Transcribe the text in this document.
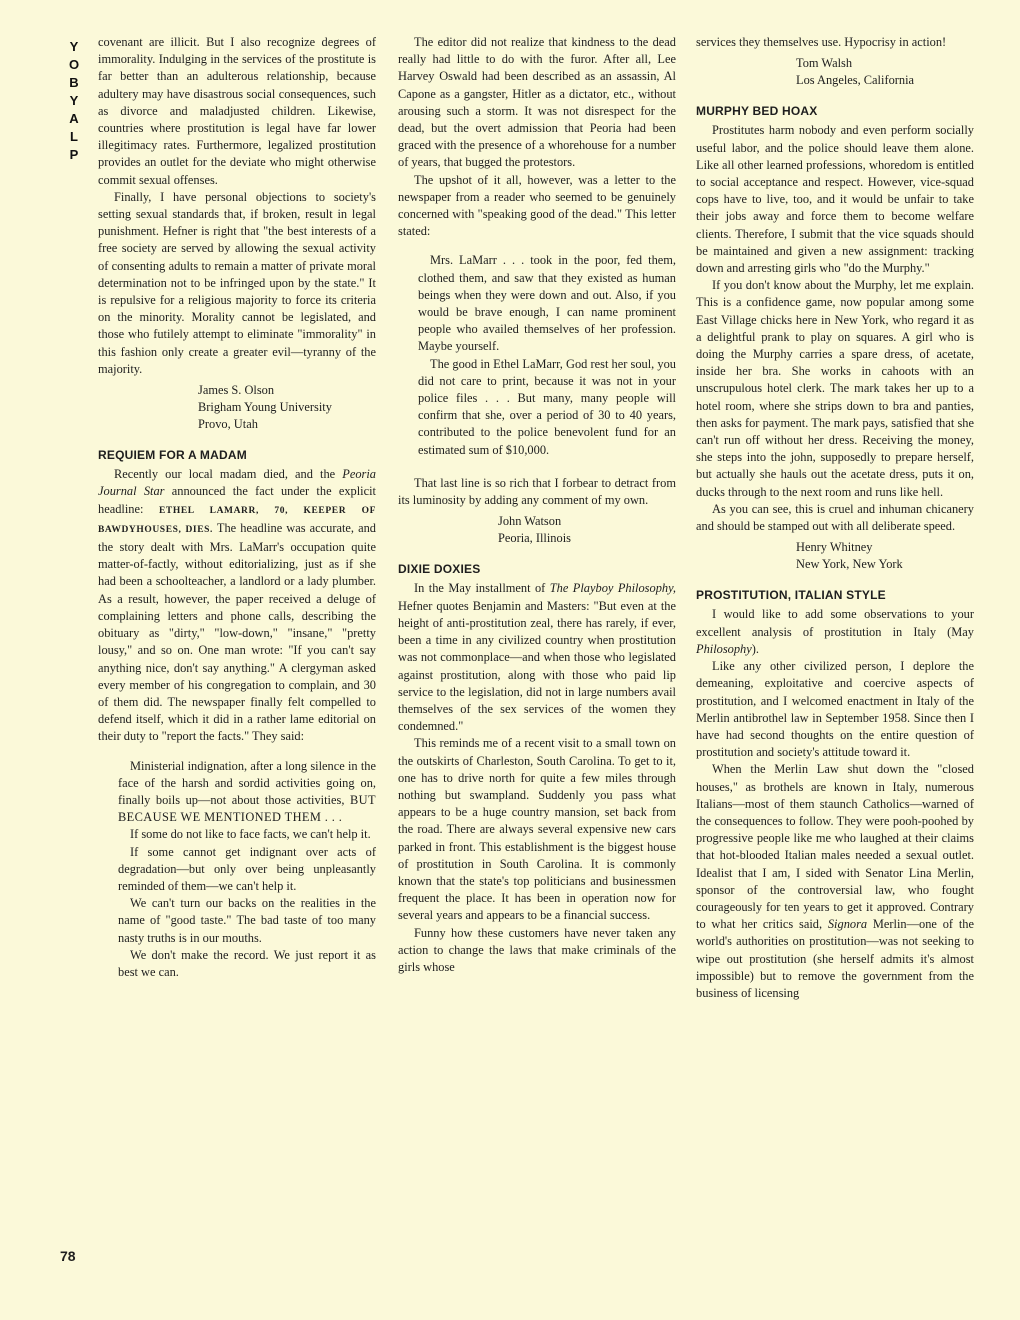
Y
O
B
Y
A
L
P
78

covenant are illicit. But I also recognize degrees of immorality. Indulging in the services of the prostitute is far better than an adulterous relationship, because adultery may have disastrous social consequences, such as divorce and maladjusted children. Likewise, countries where prostitution is legal have far lower illegitimacy rates. Furthermore, legalized prostitution provides an outlet for the deviate who might otherwise commit sexual offenses.

Finally, I have personal objections to society's setting sexual standards that, if broken, result in legal punishment. Hefner is right that "the best interests of a free society are served by allowing the sexual activity of consenting adults to remain a matter of private moral determination not to be infringed upon by the state." It is repulsive for a religious majority to force its criteria on the minority. Morality cannot be legislated, and those who futilely attempt to eliminate "immorality" in this fashion only create a greater evil—tyranny of the majority.

James S. Olson
Brigham Young University
Provo, Utah
REQUIEM FOR A MADAM

Recently our local madam died, and the Peoria Journal Star announced the fact under the explicit headline: ETHEL LAMARR, 70, KEEPER OF BAWDYHOUSES, DIES. The headline was accurate, and the story dealt with Mrs. LaMarr's occupation quite matter-of-factly, without editorializing, just as if she had been a schoolteacher, a landlord or a lady plumber. As a result, however, the paper received a deluge of complaining letters and phone calls, describing the obituary as "dirty," "low-down," "insane," "pretty lousy," and so on. One man wrote: "If you can't say anything nice, don't say anything." A clergyman asked every member of his congregation to complain, and 30 of them did. The newspaper finally felt compelled to defend itself, which it did in a rather lame editorial on their duty to "report the facts." They said:

Ministerial indignation, after a long silence in the face of the harsh and sordid activities going on, finally boils up—not about those activities, BUT BECAUSE WE MENTIONED THEM . . .

If some do not like to face facts, we can't help it.

If some cannot get indignant over acts of degradation—but only over being unpleasantly reminded of them—we can't help it.

We can't turn our backs on the realities in the name of "good taste." The bad taste of too many nasty truths is in our mouths.

We don't make the record. We just report it as best we can.

The editor did not realize that kindness to the dead really had little to do with the furor. After all, Lee Harvey Oswald had been described as an assassin, Al Capone as a gangster, Hitler as a dictator, etc., without arousing such a storm. It was not disrespect for the dead, but the overt admission that Peoria had been graced with the presence of a whorehouse for a number of years, that bugged the protestors.

The upshot of it all, however, was a letter to the newspaper from a reader who seemed to be genuinely concerned with "speaking good of the dead." This letter stated:

Mrs. LaMarr . . . took in the poor, fed them, clothed them, and saw that they existed as human beings when they were down and out. Also, if you would be brave enough, I can name prominent people who availed themselves of her profession. Maybe yourself.

The good in Ethel LaMarr, God rest her soul, you did not care to print, because it was not in your police files . . . But many, many people will confirm that she, over a period of 30 to 40 years, contributed to the police benevolent fund for an estimated sum of $10,000.

That last line is so rich that I forbear to detract from its luminosity by adding any comment of my own.

John Watson
Peoria, Illinois
DIXIE DOXIES

In the May installment of The Playboy Philosophy, Hefner quotes Benjamin and Masters: "But even at the height of anti-prostitution zeal, there has rarely, if ever, been a time in any civilized country when prostitution was not commonplace—and when those who legislated against prostitution, along with those who paid lip service to the legislation, did not in large numbers avail themselves of the sex services of the women they condemned."

This reminds me of a recent visit to a small town on the outskirts of Charleston, South Carolina. To get to it, one has to drive north for quite a few miles through nothing but swampland. Suddenly you pass what appears to be a huge country mansion, set back from the road. There are always several expensive new cars parked in front. This establishment is the biggest house of prostitution in South Carolina. It is commonly known that the state's top politicians and businessmen frequent the place. It has been in operation now for several years and appears to be a financial success.

Funny how these customers have never taken any action to change the laws that make criminals of the girls whose

services they themselves use. Hypocrisy in action!

Tom Walsh
Los Angeles, California
MURPHY BED HOAX

Prostitutes harm nobody and even perform socially useful labor, and the police should leave them alone. Like all other learned professions, whoredom is entitled to social acceptance and respect. However, vice-squad cops have to live, too, and it would be unfair to take their jobs away and force them to become welfare clients. Therefore, I submit that the vice squads should be maintained and given a new assignment: tracking down and arresting girls who "do the Murphy."

If you don't know about the Murphy, let me explain. This is a confidence game, now popular among some East Village chicks here in New York, who regard it as a delightful prank to play on squares. A girl who is doing the Murphy carries a spare dress, of acetate, inside her bra. She works in cahoots with an unscrupulous hotel clerk. The mark takes her up to a hotel room, where she strips down to bra and panties, then asks for payment. The mark pays, satisfied that she can't run off without her dress. Receiving the money, she steps into the john, supposedly to prepare herself, but actually she hauls out the acetate dress, puts it on, ducks through to the next room and runs like hell.

As you can see, this is cruel and inhuman chicanery and should be stamped out with all deliberate speed.

Henry Whitney
New York, New York
PROSTITUTION, ITALIAN STYLE

I would like to add some observations to your excellent analysis of prostitution in Italy (May Philosophy).

Like any other civilized person, I deplore the demeaning, exploitative and coercive aspects of prostitution, and I welcomed enactment in Italy of the Merlin antibrothel law in September 1958. Since then I have had second thoughts on the entire question of prostitution and society's attitude toward it.

When the Merlin Law shut down the "closed houses," as brothels are known in Italy, numerous Italians—most of them staunch Catholics—warned of the consequences to follow. They were pooh-poohed by progressive people like me who laughed at their claims that hot-blooded Italian males needed a sexual outlet. Idealist that I am, I sided with Senator Lina Merlin, sponsor of the controversial law, who fought courageously for ten years to get it approved. Contrary to what her critics said, Signora Merlin—one of the world's authorities on prostitution—was not seeking to wipe out prostitution (she herself admits it's almost impossible) but to remove the government from the business of licensing
